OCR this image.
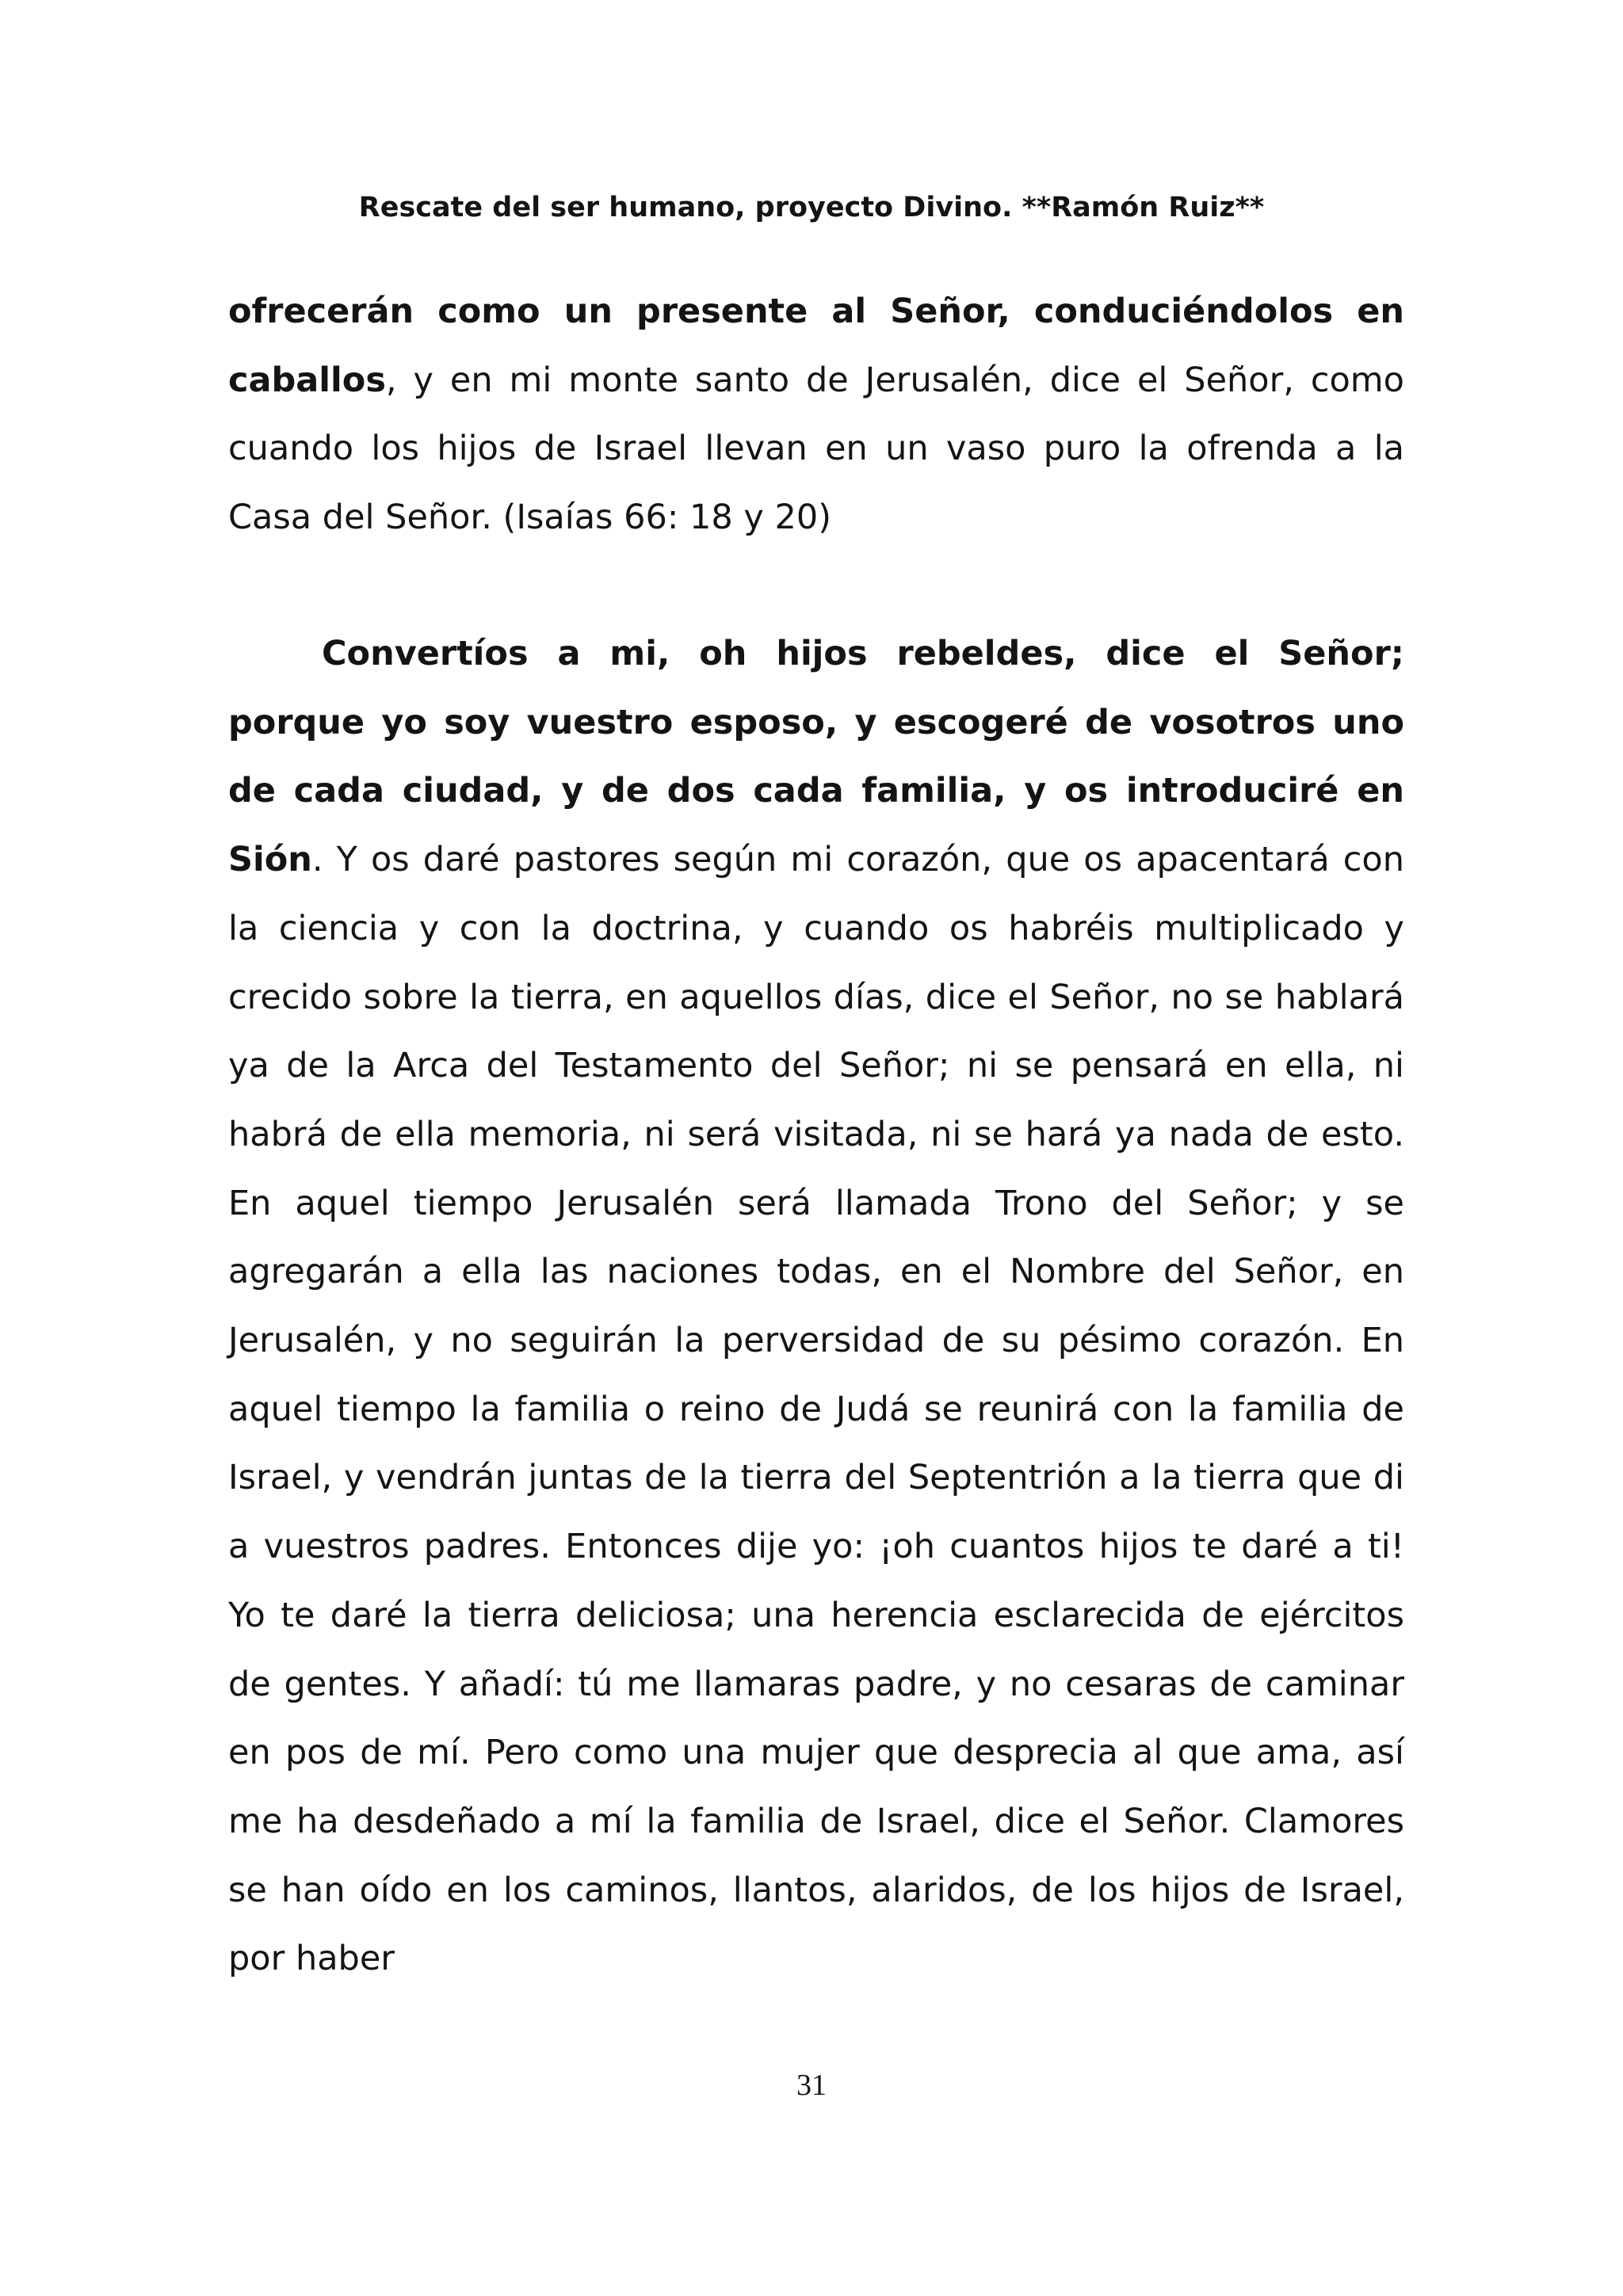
Rescate del ser humano, proyecto Divino. **Ramón Ruiz**

ofrecerán como un presente al Señor, conduciéndolos en caballos, y en mi monte santo de Jerusalén, dice el Señor, como cuando los hijos de Israel llevan en un vaso puro la ofrenda a la Casa del Señor. (Isaías 66: 18 y 20)

Convertíos a mi, oh hijos rebeldes, dice el Señor; porque yo soy vuestro esposo, y escogeré de vosotros uno de cada ciudad, y de dos cada familia, y os introduciré en Sión. Y os daré pastores según mi corazón, que os apacentará con la ciencia y con la doctrina, y cuando os habréis multiplicado y crecido sobre la tierra, en aquellos días, dice el Señor, no se hablará ya de la Arca del Testamento del Señor; ni se pensará en ella, ni habrá de ella memoria, ni será visitada, ni se hará ya nada de esto. En aquel tiempo Jerusalén será llamada Trono del Señor; y se agregarán a ella las naciones todas, en el Nombre del Señor, en Jerusalén, y no seguirán la perversidad de su pésimo corazón. En aquel tiempo la familia o reino de Judá se reunirá con la familia de Israel, y vendrán juntas de la tierra del Septentrión a la tierra que di a vuestros padres. Entonces dije yo: ¡oh cuantos hijos te daré a ti! Yo te daré la tierra deliciosa; una herencia esclarecida de ejércitos de gentes. Y añadí: tú me llamaras padre, y no cesaras de caminar en pos de mí. Pero como una mujer que desprecia al que ama, así me ha desdeñado a mí la familia de Israel, dice el Señor. Clamores se han oído en los caminos, llantos, alaridos, de los hijos de Israel, por haber

31
